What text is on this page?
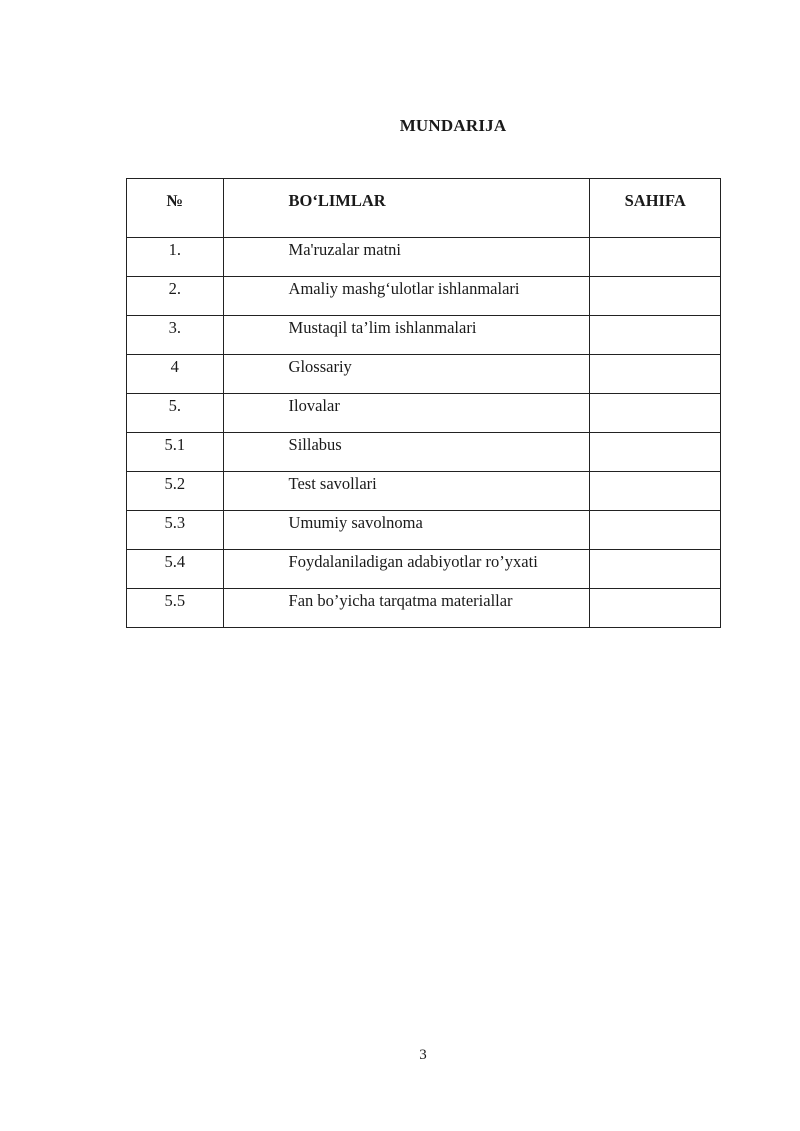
MUNDARIJA
№	BO‘LIMLAR	SAHIFA

1.	Ma'ruzalar matni	

2.	Amaliy mashg‘ulotlar ishlanmalari	

3.	Mustaqil ta’lim ishlanmalari	

4	Glossariy	

5.	Ilovalar	

5.1	Sillabus	

5.2	Test savollari	

5.3	Umumiy savolnoma	

5.4	Foydalaniladigan adabiyotlar ro’yxati	

5.5	Fan bo’yicha tarqatma materiallar	

3
